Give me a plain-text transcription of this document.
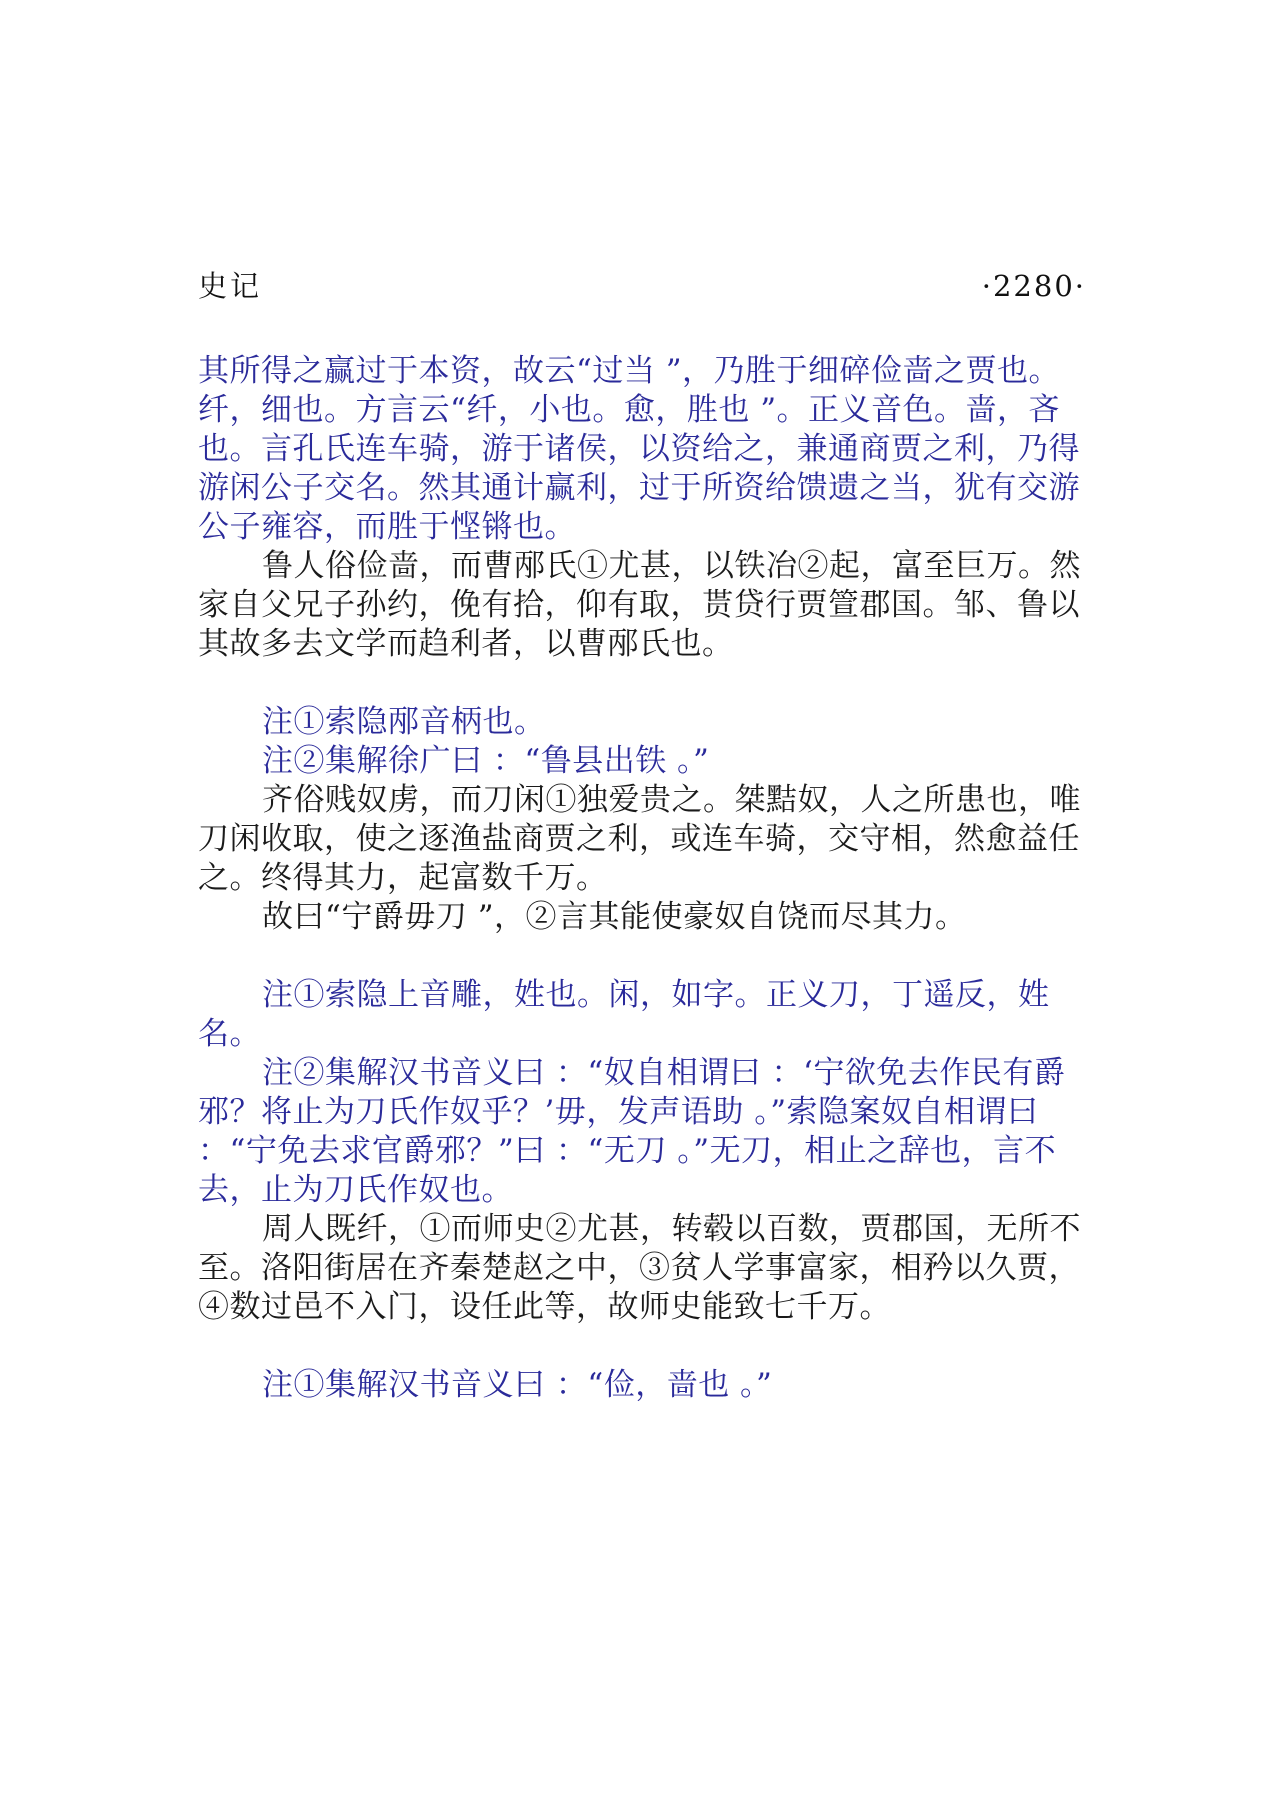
史记	·2280·

其所得之赢过于本资，故云“过当 ”，乃胜于细碎俭啬之贾也。纤，细也。方言云“纤，小也。愈，胜也 ”。正义音色。啬，吝也。言孔氏连车骑，游于诸侯，以资给之，兼通商贾之利，乃得游闲公子交名。然其通计赢利，过于所资给馈遗之当，犹有交游公子雍容，而胜于悭锵也。

鲁人俗俭啬，而曹邴氏①尤甚，以铁冶②起，富至巨万。然家自父兄子孙约，俛有拾，仰有取，贳贷行贾箮郡国。邹、鲁以其故多去文学而趋利者，以曹邴氏也。

注①索隐邴音柄也。

注②集解徐广曰 ：“鲁县出铁 。”

齐俗贱奴虏，而刀闲①独爱贵之。桀黠奴，人之所患也，唯刀闲收取，使之逐渔盐商贾之利，或连车骑，交守相，然愈益任之。终得其力，起富数千万。

故曰“宁爵毋刀 ”，②言其能使豪奴自饶而尽其力。

注①索隐上音雕，姓也。闲，如字。正义刀，丁遥反，姓名。

注②集解汉书音义曰 ：“奴自相谓曰 ：‘宁欲免去作民有爵邪？将止为刀氏作奴乎？’毋，发声语助 。”索隐案奴自相谓曰 ：“宁免去求官爵邪？”曰 ：“无刀 。”无刀，相止之辞也，言不去，止为刀氏作奴也。

周人既纤，①而师史②尤甚，转毂以百数，贾郡国，无所不至。洛阳街居在齐秦楚赵之中，③贫人学事富家，相矜以久贾，④数过邑不入门，设任此等，故师史能致七千万。

注①集解汉书音义曰 ：“俭，啬也 。”
